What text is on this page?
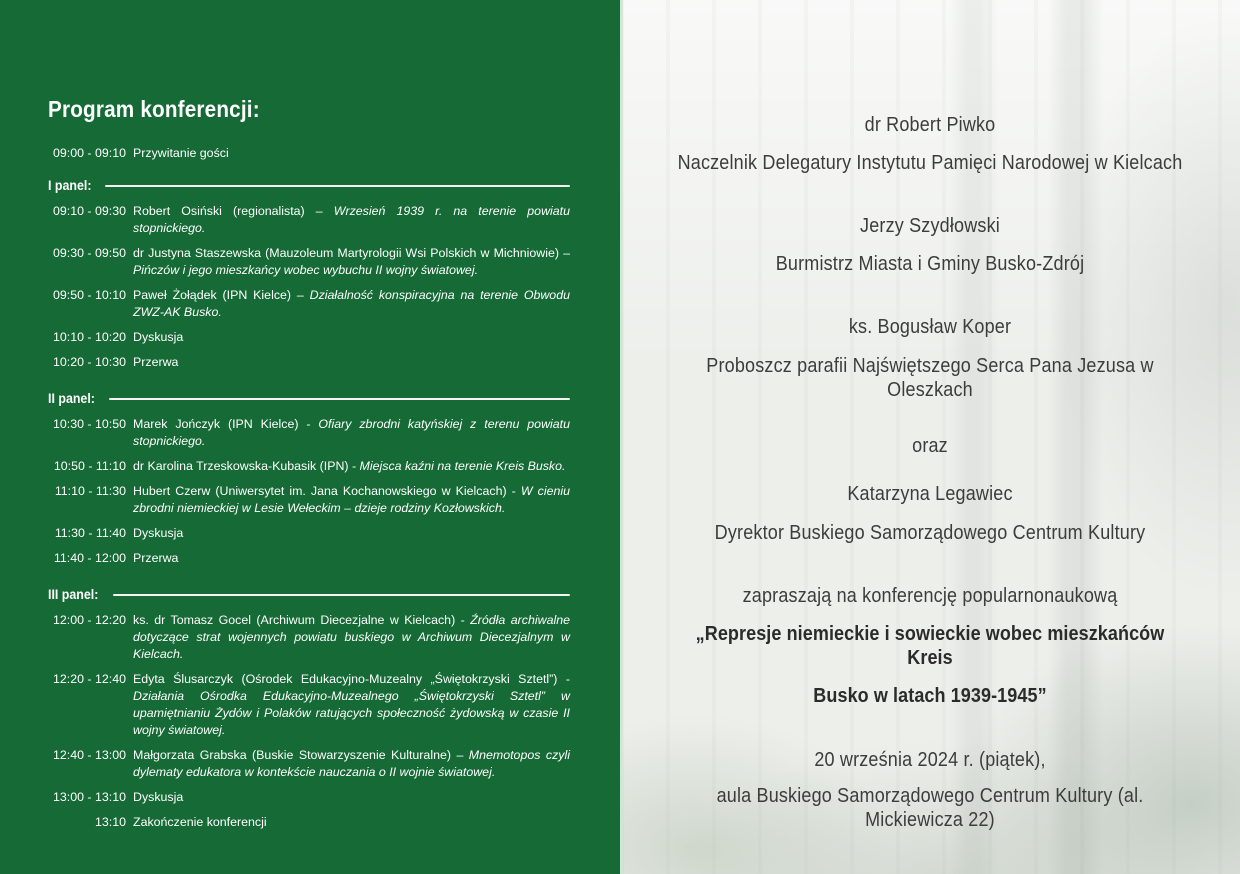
Program konferencji:
09:00 - 09:10 Przywitanie gości
I panel:
09:10 - 09:30 Robert Osiński (regionalista) – Wrzesień 1939 r. na terenie powiatu stopnickiego.
09:30 - 09:50 dr Justyna Staszewska (Mauzoleum Martyrologii Wsi Polskich w Michniowie) – Pińczów i jego mieszkańcy wobec wybuchu II wojny światowej.
09:50 - 10:10 Paweł Żołądek (IPN Kielce) – Działalność konspiracyjna na terenie Obwodu ZWZ-AK Busko.
10:10 - 10:20 Dyskusja
10:20 - 10:30 Przerwa
II panel:
10:30 - 10:50 Marek Jończyk (IPN Kielce) - Ofiary zbrodni katyńskiej z terenu powiatu stopnickiego.
10:50 - 11:10 dr Karolina Trzeskowska-Kubasik (IPN) - Miejsca kaźni na terenie Kreis Busko.
11:10 - 11:30 Hubert Czerw (Uniwersytet im. Jana Kochanowskiego w Kielcach) - W cieniu zbrodni niemieckiej w Lesie Wełeckim – dzieje rodziny Kozłowskich.
11:30 - 11:40 Dyskusja
11:40 - 12:00 Przerwa
III panel:
12:00 - 12:20 ks. dr Tomasz Gocel (Archiwum Diecezjalne w Kielcach) - Źródła archiwalne dotyczące strat wojennych powiatu buskiego w Archiwum Diecezjalnym w Kielcach.
12:20 - 12:40 Edyta Ślusarczyk (Ośrodek Edukacyjno-Muzealny „Świętokrzyski Sztetl”) - Działania Ośrodka Edukacyjno-Muzealnego „Świętokrzyski Sztetl” w upamiętnianiu Żydów i Polaków ratujących społeczność żydowską w czasie II wojny światowej.
12:40 - 13:00 Małgorzata Grabska (Buskie Stowarzyszenie Kulturalne) – Mnemotopos czyli dylematy edukatora w kontekście nauczania o II wojnie światowej.
13:00 - 13:10 Dyskusja
13:10 Zakończenie konferencji
dr Robert Piwko
Naczelnik Delegatury Instytutu Pamięci Narodowej w Kielcach
Jerzy Szydłowski
Burmistrz Miasta i Gminy Busko-Zdrój
ks. Bogusław Koper
Proboszcz parafii Najświętszego Serca Pana Jezusa w Oleszkach
oraz
Katarzyna Legawiec
Dyrektor Buskiego Samorządowego Centrum Kultury
zapraszają na konferencję popularnonaukową
„Represje niemieckie i sowieckie wobec mieszkańców Kreis
Busko w latach 1939-1945”
20 września 2024 r. (piątek),
aula Buskiego Samorządowego Centrum Kultury (al. Mickiewicza 22)
